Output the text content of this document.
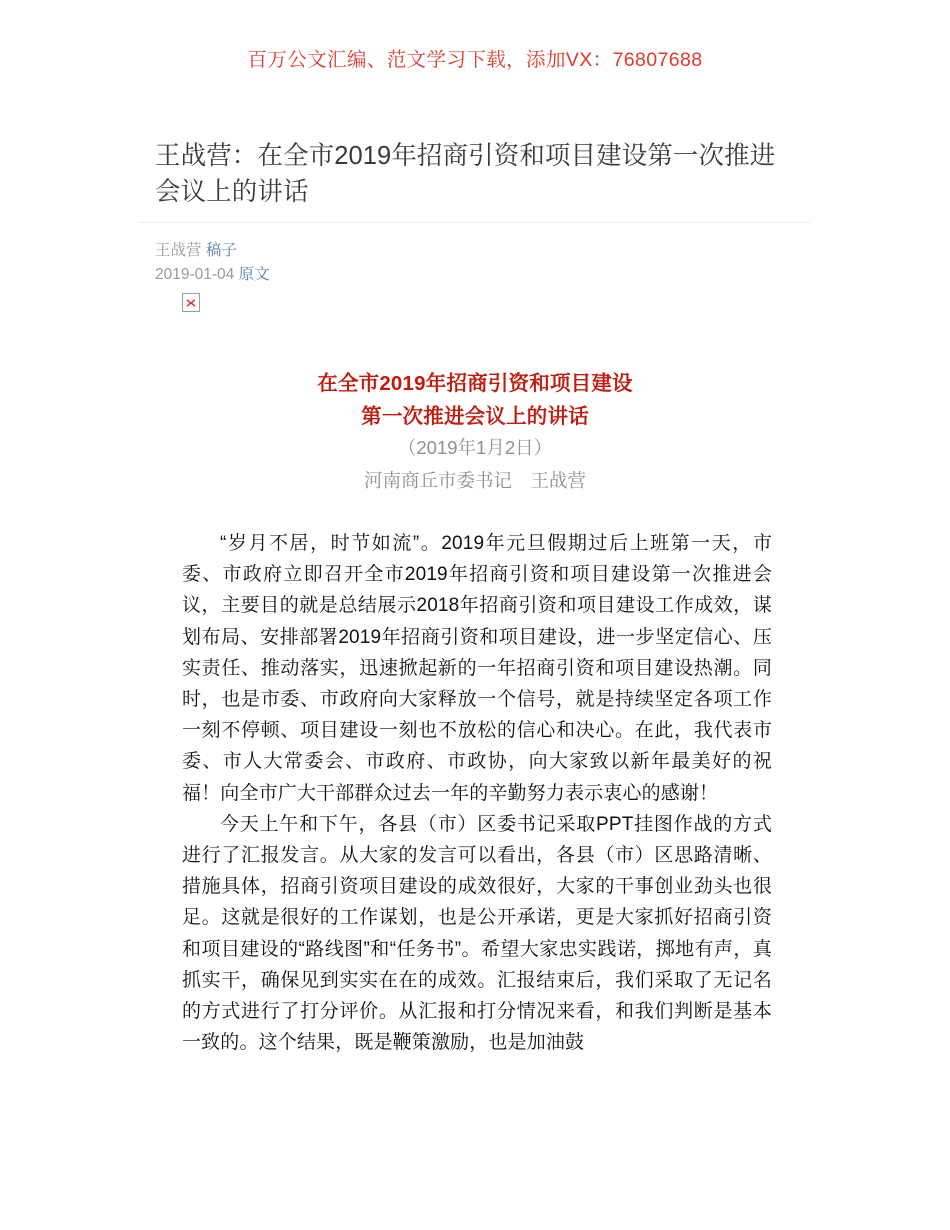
百万公文汇编、范文学习下载，添加VX：76807688
王战营：在全市2019年招商引资和项目建设第一次推进会议上的讲话
王战营 稿子
2019-01-04 原文
在全市2019年招商引资和项目建设
第一次推进会议上的讲话
（2019年1月2日）
河南商丘市委书记　王战营

“岁月不居，时节如流”。2019年元旦假期过后上班第一天，市委、市政府立即召开全市2019年招商引资和项目建设第一次推进会议，主要目的就是总结展示2018年招商引资和项目建设工作成效，谋划布局、安排部署2019年招商引资和项目建设，进一步坚定信心、压实责任、推动落实，迅速掀起新的一年招商引资和项目建设热潮。同时，也是市委、市政府向大家释放一个信号，就是持续坚定各项工作一刻不停顿、项目建设一刻也不放松的信心和决心。在此，我代表市委、市人大常委会、市政府、市政协，向大家致以新年最美好的祝福！向全市广大干部群众过去一年的辛勤努力表示衷心的感谢！

今天上午和下午，各县（市）区委书记采取PPT挂图作战的方式进行了汇报发言。从大家的发言可以看出，各县（市）区思路清晰、措施具体，招商引资项目建设的成效很好，大家的干事创业劲头也很足。这就是很好的工作谋划，也是公开承诺，更是大家抓好招商引资和项目建设的“路线图”和“任务书”。希望大家忠实践诺，掷地有声，真抓实干，确保见到实实在在的成效。汇报结束后，我们采取了无记名的方式进行了打分评价。从汇报和打分情况来看，和我们判断是基本一致的。这个结果，既是鞭策激励，也是加油鼓
